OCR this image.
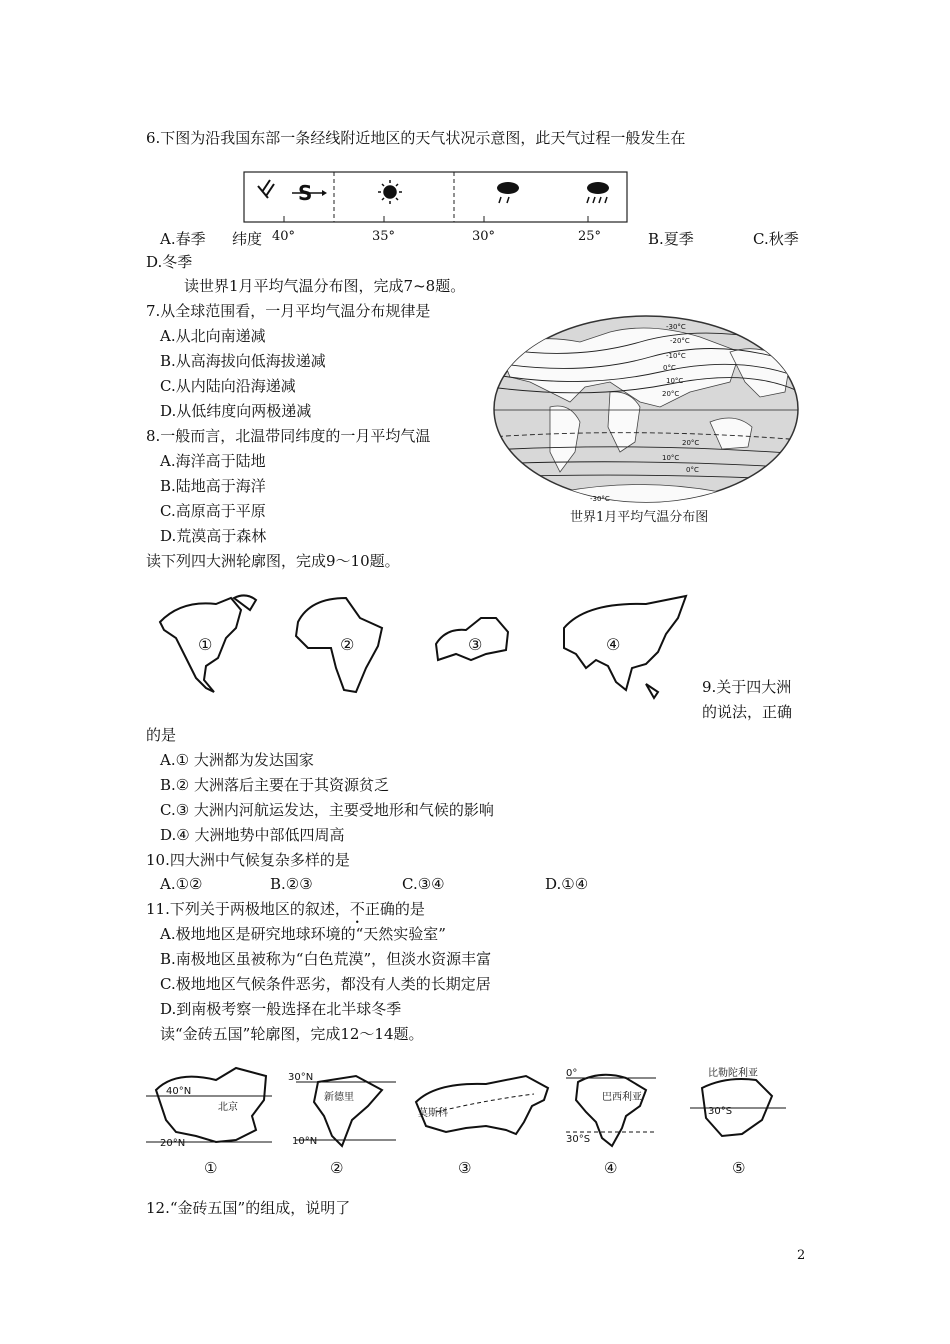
6.下图为沿我国东部一条经线附近地区的天气状况示意图，此天气过程一般发生在
S
A.春季 纬度 40°	35°	30°	25°	B.夏季	C.秋季
D.冬季
读世界1月平均气温分布图，完成7~8题。
7.从全球范围看，一月平均气温分布规律是
A.从北向南递减
B.从高海拔向低海拔递减
C.从内陆向沿海递减
D.从低纬度向两极递减
8.一般而言，北温带同纬度的一月平均气温
A.海洋高于陆地
B.陆地高于海洋
C.高原高于平原
D.荒漠高于森林
-30°C
-20°C
-10°C
0°C
10°C
20°C
20°C
10°C
0°C
-30°C
世界1月平均气温分布图
读下列四大洲轮廓图，完成9～10题。
①	②	③	④
9.关于四大洲
的说法，正确
的是
A.① 大洲都为发达国家
B.② 大洲落后主要在于其资源贫乏
C.③ 大洲内河航运发达，主要受地形和气候的影响
D.④ 大洲地势中部低四周高
10.四大洲中气候复杂多样的是
A.①②	B.②③	C.③④	D.①④
11.下列关于两极地区的叙述，不正确的是
A.极地地区是研究地球环境的“天然实验室”
B.南极地区虽被称为“白色荒漠”，但淡水资源丰富
C.极地地区气候条件恶劣，都没有人类的长期定居
D.到南极考察一般选择在北半球冬季
读“金砖五国”轮廓图，完成12～14题。
40°N
北京
20°N
30°N
新德里
10°N
莫斯科
0°
巴西利亚
30°S
比勒陀利亚
30°S
①	②	③	④	⑤
12.“金砖五国”的组成，说明了
2
